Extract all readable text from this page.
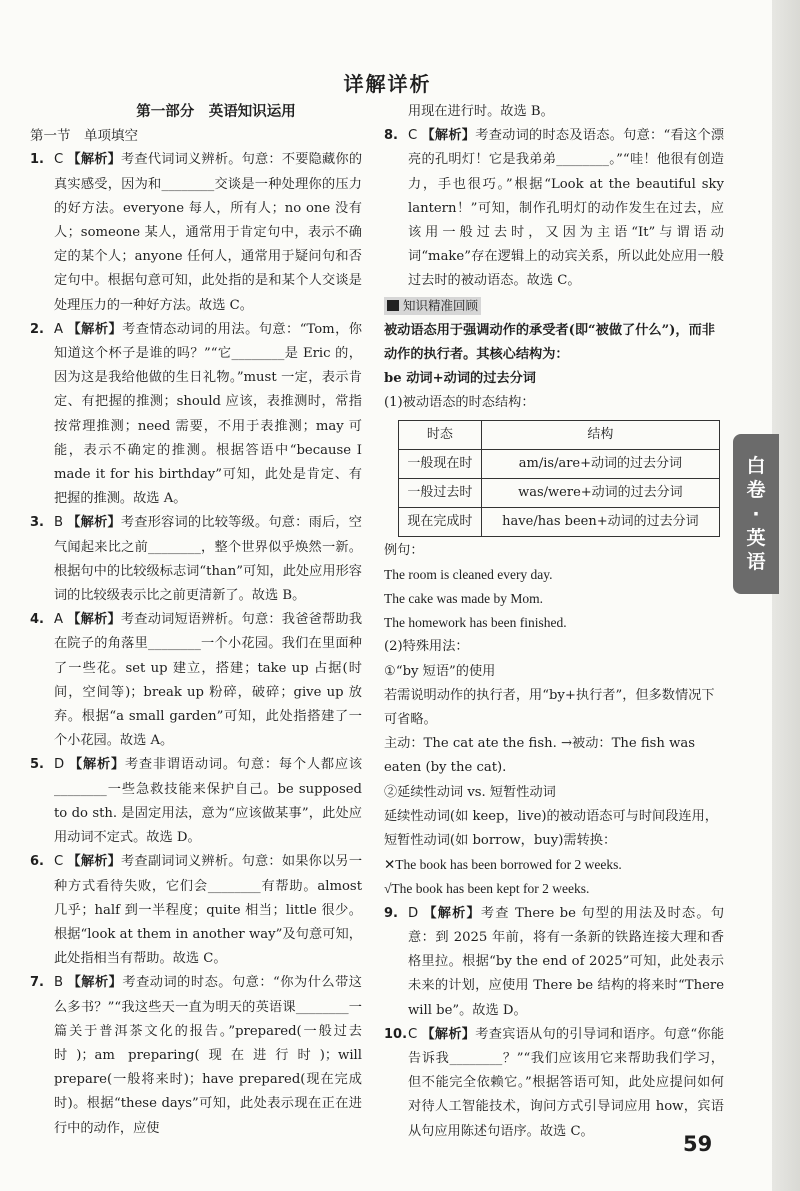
详解详析
第一部分　英语知识运用
第一节　单项填空
1. C 【解析】考查代词词义辨析。句意：不要隐藏你的真实感受，因为和________交谈是一种处理你的压力的好方法。everyone 每人，所有人；no one 没有人；someone 某人，通常用于肯定句中，表示不确定的某个人；anyone 任何人，通常用于疑问句和否定句中。根据句意可知，此处指的是和某个人交谈是处理压力的一种好方法。故选 C。
2. A 【解析】考查情态动词的用法。句意：“Tom，你知道这个杯子是谁的吗？”“它________是 Eric 的，因为这是我给他做的生日礼物。”must 一定，表示肯定、有把握的推测；should 应该，表推测时，常指按常理推测；need 需要，不用于表推测；may 可能，表示不确定的推测。根据答语中“because I made it for his birthday”可知，此处是肯定、有把握的推测。故选 A。
3. B 【解析】考查形容词的比较等级。句意：雨后，空气闻起来比之前________，整个世界似乎焕然一新。根据句中的比较级标志词“than”可知，此处应用形容词的比较级表示比之前更清新了。故选 B。
4. A 【解析】考查动词短语辨析。句意：我爸爸帮助我在院子的角落里________一个小花园。我们在里面种了一些花。set up 建立，搭建；take up 占据(时间，空间等)；break up 粉碎，破碎；give up 放弃。根据“a small garden”可知，此处指搭建了一个小花园。故选 A。
5. D 【解析】考查非谓语动词。句意：每个人都应该________一些急救技能来保护自己。be supposed to do sth. 是固定用法，意为“应该做某事”，此处应用动词不定式。故选 D。
6. C 【解析】考查副词词义辨析。句意：如果你以另一种方式看待失败，它们会________有帮助。almost 几乎；half 到一半程度；quite 相当；little 很少。根据“look at them in another way”及句意可知，此处指相当有帮助。故选 C。
7. B 【解析】考查动词的时态。句意：“你为什么带这么多书？”“我这些天一直为明天的英语课________一篇关于普洱茶文化的报告。”prepared(一般过去时)；am preparing(现在进行时)；will prepare(一般将来时)；have prepared(现在完成时)。根据“these days”可知，此处表示现在正在进行中的动作，应使
用现在进行时。故选 B。
8. C 【解析】考查动词的时态及语态。句意：“看这个漂亮的孔明灯！它是我弟弟________。”“哇！他很有创造力，手也很巧。”根据“Look at the beautiful sky lantern！”可知，制作孔明灯的动作发生在过去，应该用一般过去时，又因为主语“It”与谓语动词“make”存在逻辑上的动宾关系，所以此处应用一般过去时的被动语态。故选 C。
知识精准回顾
被动语态用于强调动作的承受者(即“被做了什么”)，而非动作的执行者。其核心结构为：
be 动词+动词的过去分词
(1)被动语态的时态结构：
时态	结构
一般现在时	am/is/are+动词的过去分词
一般过去时	was/were+动词的过去分词
现在完成时	have/has been+动词的过去分词
例句：
The room is cleaned every day.
The cake was made by Mom.
The homework has been finished.
(2)特殊用法：
①“by 短语”的使用
若需说明动作的执行者，用“by+执行者”，但多数情况下可省略。
主动：The cat ate the fish. →被动：The fish was eaten (by the cat).
②延续性动词 vs. 短暂性动词
延续性动词(如 keep，live)的被动语态可与时间段连用，短暂性动词(如 borrow，buy)需转换：
✕The book has been borrowed for 2 weeks.
√The book has been kept for 2 weeks.
9. D 【解析】考查 There be 句型的用法及时态。句意：到 2025 年前，将有一条新的铁路连接大理和香格里拉。根据“by the end of 2025”可知，此处表示未来的计划，应使用 There be 结构的将来时“There will be”。故选 D。
10. C 【解析】考查宾语从句的引导词和语序。句意“你能告诉我________？”“我们应该用它来帮助我们学习，但不能完全依赖它。”根据答语可知，此处应提问如何对待人工智能技术，询问方式引导词应用 how，宾语从句应用陈述句语序。故选 C。
白
卷
·
英
语
59
